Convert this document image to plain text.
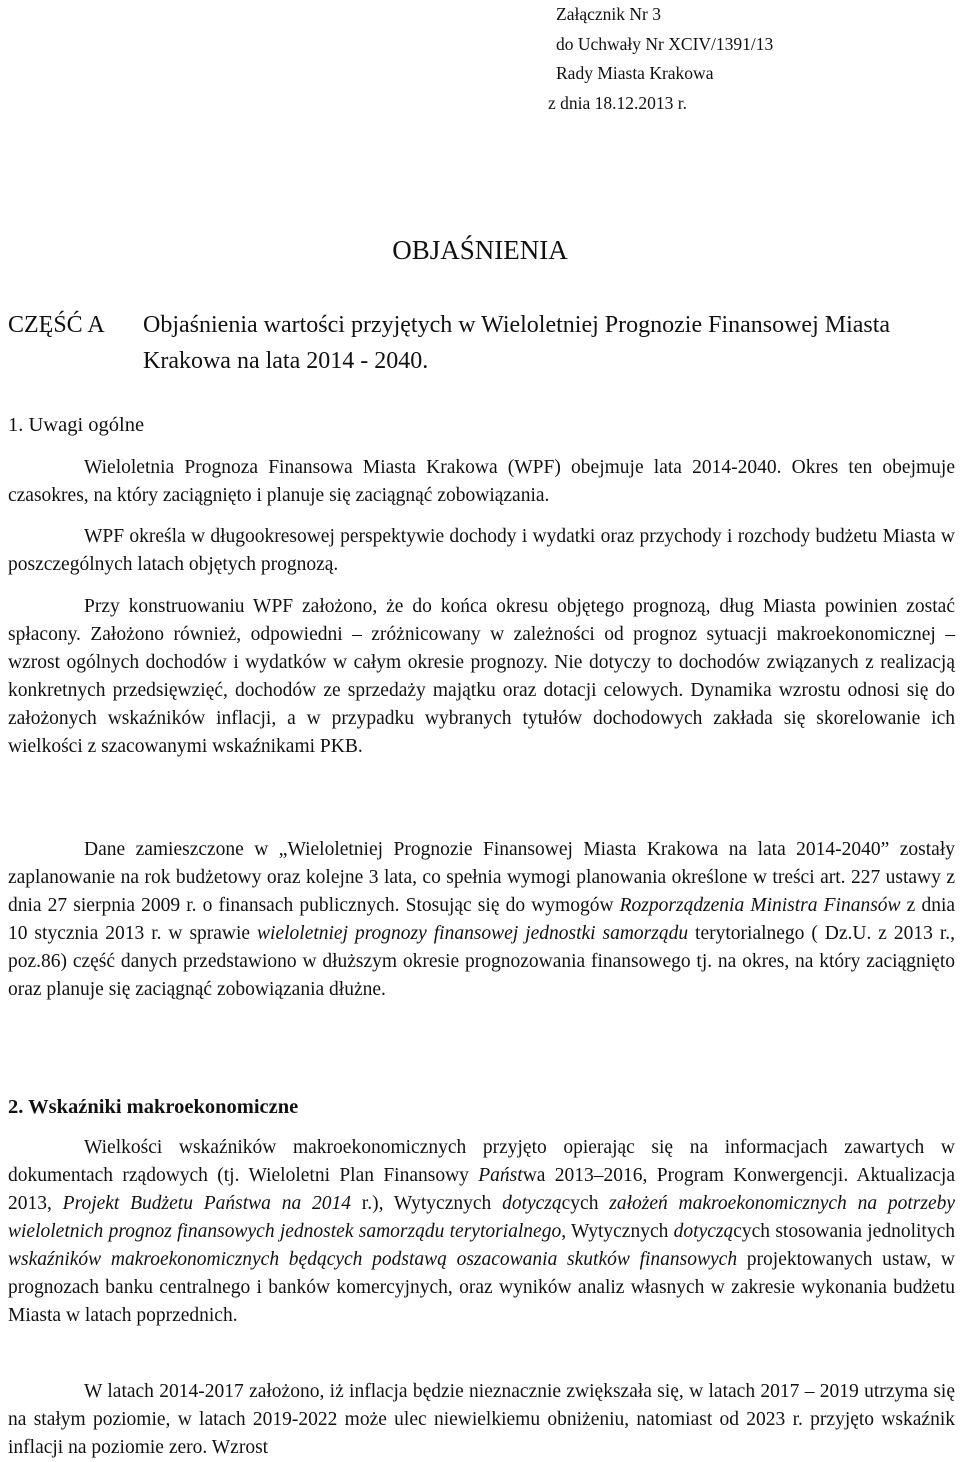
Załącznik Nr 3
do Uchwały Nr XCIV/1391/13
Rady Miasta Krakowa
z dnia 18.12.2013 r.
OBJAŚNIENIA
CZĘŚĆ A Objaśnienia wartości przyjętych w Wieloletniej Prognozie Finansowej Miasta Krakowa na lata 2014 - 2040.
1. Uwagi ogólne

Wieloletnia Prognoza Finansowa Miasta Krakowa (WPF) obejmuje lata 2014-2040. Okres ten obejmuje czasokres, na który zaciągnięto i planuje się zaciągnąć zobowiązania.

WPF określa w długookresowej perspektywie dochody i wydatki oraz przychody i rozchody budżetu Miasta w poszczególnych latach objętych prognozą.

Przy konstruowaniu WPF założono, że do końca okresu objętego prognozą, dług Miasta powinien zostać spłacony. Założono również, odpowiedni – zróżnicowany w zależności od prognoz sytuacji makroekonomicznej – wzrost ogólnych dochodów i wydatków w całym okresie prognozy. Nie dotyczy to dochodów związanych z realizacją konkretnych przedsięwzięć, dochodów ze sprzedaży majątku oraz dotacji celowych. Dynamika wzrostu odnosi się do założonych wskaźników inflacji, a w przypadku wybranych tytułów dochodowych zakłada się skorelowanie ich wielkości z szacowanymi wskaźnikami PKB.

Dane zamieszczone w „Wieloletniej Prognozie Finansowej Miasta Krakowa na lata 2014-2040” zostały zaplanowanie na rok budżetowy oraz kolejne 3 lata, co spełnia wymogi planowania określone w treści art. 227 ustawy z dnia 27 sierpnia 2009 r. o finansach publicznych. Stosując się do wymogów Rozporządzenia Ministra Finansów z dnia 10 stycznia 2013 r. w sprawie wieloletniej prognozy finansowej jednostki samorządu terytorialnego ( Dz.U. z 2013 r., poz.86) część danych przedstawiono w dłuższym okresie prognozowania finansowego tj. na okres, na który zaciągnięto oraz planuje się zaciągnąć zobowiązania dłużne.

2. Wskaźniki makroekonomiczne

Wielkości wskaźników makroekonomicznych przyjęto opierając się na informacjach zawartych w dokumentach rządowych (tj. Wieloletni Plan Finansowy Państwa 2013–2016, Program Konwergencji. Aktualizacja 2013, Projekt Budżetu Państwa na 2014 r.), Wytycznych dotyczących założeń makroekonomicznych na potrzeby wieloletnich prognoz finansowych jednostek samorządu terytorialnego, Wytycznych dotyczących stosowania jednolitych wskaźników makroekonomicznych będących podstawą oszacowania skutków finansowych projektowanych ustaw, w prognozach banku centralnego i banków komercyjnych, oraz wyników analiz własnych w zakresie wykonania budżetu Miasta w latach poprzednich.

W latach 2014-2017 założono, iż inflacja będzie nieznacznie zwiększała się, w latach 2017 – 2019 utrzyma się na stałym poziomie, w latach 2019-2022 może ulec niewielkiemu obniżeniu, natomiast od 2023 r. przyjęto wskaźnik inflacji na poziomie zero. Wzrost
